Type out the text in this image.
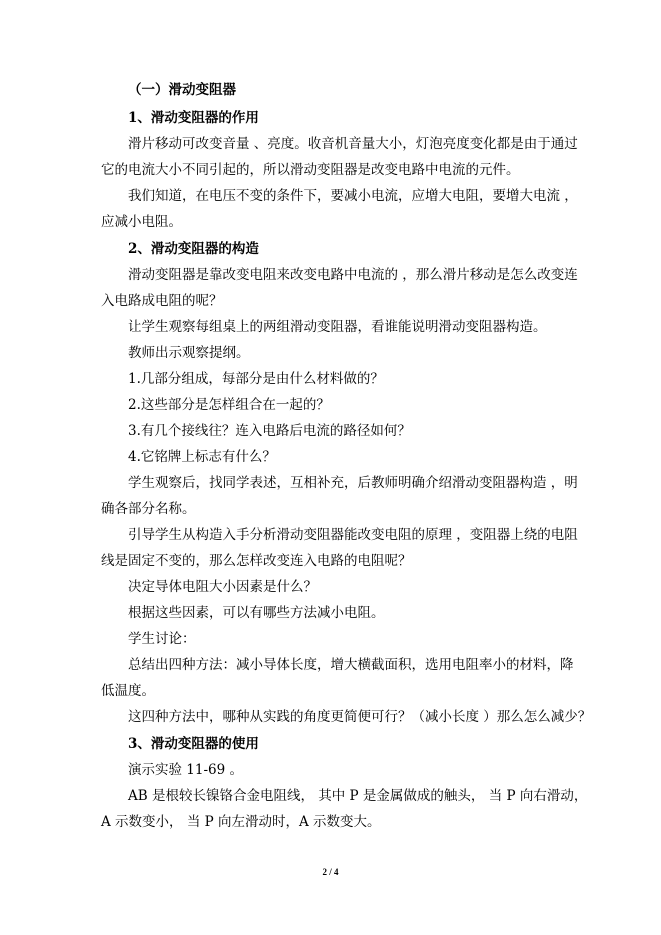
（一）滑动变阻器
1、滑动变阻器的作用
滑片移动可改变音量 、亮度。收音机音量大小，灯泡亮度变化都是由于通过
它的电流大小不同引起的，所以滑动变阻器是改变电路中电流的元件。
我们知道，在电压不变的条件下，要减小电流，应增大电阻，要增大电流 ，
应减小电阻。
2、滑动变阻器的构造
滑动变阻器是靠改变电阻来改变电路中电流的 ，那么滑片移动是怎么改变连
入电路成电阻的呢？
让学生观察每组桌上的两组滑动变阻器，看谁能说明滑动变阻器构造。
教师出示观察提纲。
1.几部分组成，每部分是由什么材料做的？
2.这些部分是怎样组合在一起的？
3.有几个接线往？连入电路后电流的路径如何？
4.它铭牌上标志有什么？
学生观察后，找同学表述，互相补充，后教师明确介绍滑动变阻器构造 ，明
确各部分名称。
引导学生从构造入手分析滑动变阻器能改变电阻的原理 ，变阻器上绕的电阻
线是固定不变的，那么怎样改变连入电路的电阻呢？
决定导体电阻大小因素是什么？
根据这些因素，可以有哪些方法减小电阻。
学生讨论：
总结出四种方法：减小导体长度，增大横截面积，选用电阻率小的材料，降
低温度。
这四种方法中，哪种从实践的角度更简便可行？（减小长度 ）那么怎么减少？
3、滑动变阻器的使用
演示实验 11-69 。
AB 是根较长镍铬合金电阻线， 其中 P 是金属做成的触头， 当 P 向右滑动，
A 示数变小， 当 P 向左滑动时，A 示数变大。
2 / 4
